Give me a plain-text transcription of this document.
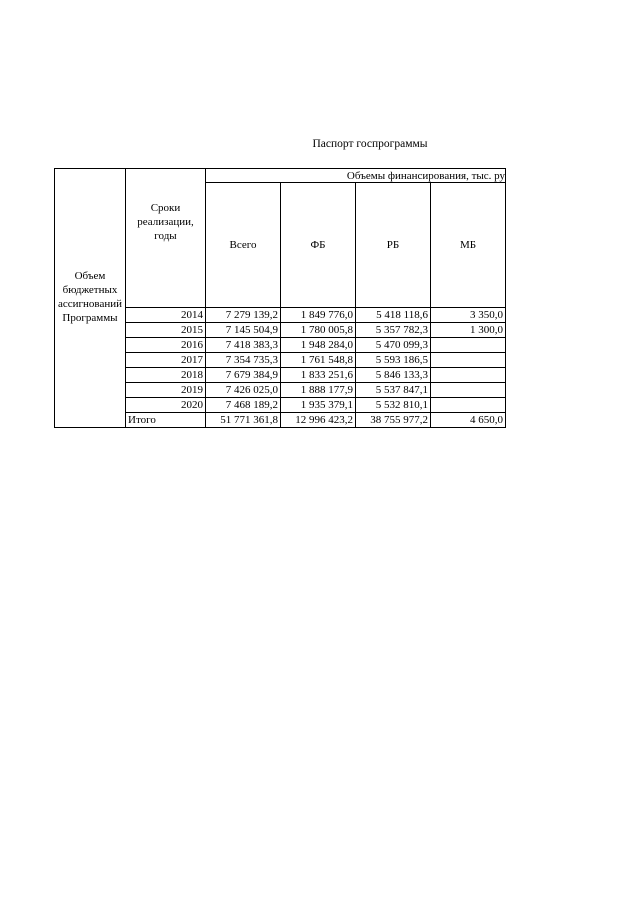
Паспорт госпрограммы
Объем бюджетных ассигнований Программы	Сроки реализации, годы	Объемы финансирования, тыс. ру			
		Всего	ФБ	РБ	МБ
	2014	7 279 139,2	1 849 776,0	5 418 118,6	3 350,0
	2015	7 145 504,9	1 780 005,8	5 357 782,3	1 300,0
	2016	7 418 383,3	1 948 284,0	5 470 099,3	
	2017	7 354 735,3	1 761 548,8	5 593 186,5	
	2018	7 679 384,9	1 833 251,6	5 846 133,3	
	2019	7 426 025,0	1 888 177,9	5 537 847,1	
	2020	7 468 189,2	1 935 379,1	5 532 810,1	
	Итого	51 771 361,8	12 996 423,2	38 755 977,2	4 650,0
